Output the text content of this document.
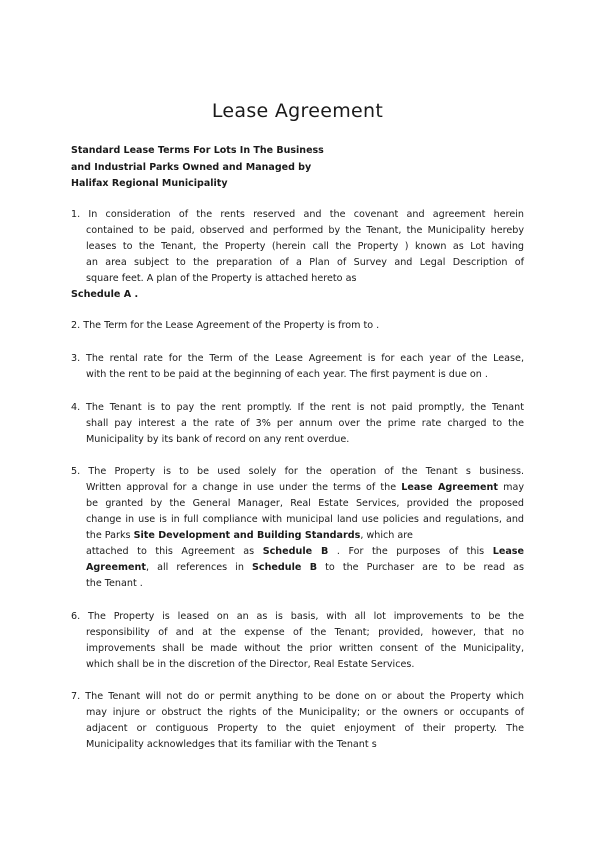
Lease Agreement
Standard Lease Terms For Lots In The Business
and Industrial Parks Owned and Managed by
Halifax Regional Municipality
1. In consideration of the rents reserved and the covenant and agreement herein
contained to be paid, observed and performed by the Tenant, the Municipality hereby
leases to the Tenant, the Property (herein call the Property ) known as Lot having
an area subject to the preparation of a Plan of Survey and Legal Description of
square feet. A plan of the Property is attached hereto as
Schedule A .
2. The Term for the Lease Agreement of the Property is from to .
3. The rental rate for the Term of the Lease Agreement is for each year of the Lease,
with the rent to be paid at the beginning of each year. The first payment is due on .
4. The Tenant is to pay the rent promptly. If the rent is not paid promptly, the Tenant
shall pay interest a the rate of 3% per annum over the prime rate charged to the
Municipality by its bank of record on any rent overdue.
5. The Property is to be used solely for the operation of the Tenant s business.
Written approval for a change in use under the terms of the Lease Agreement may
be granted by the General Manager, Real Estate Services, provided the proposed
change in use is in full compliance with municipal land use policies and regulations, and
the Parks Site Development and Building Standards, which are
attached to this Agreement as Schedule B . For the purposes of this Lease
Agreement, all references in Schedule B to the Purchaser are to be read as
the Tenant .
6. The Property is leased on an as is basis, with all lot improvements to be the
responsibility of and at the expense of the Tenant; provided, however, that no
improvements shall be made without the prior written consent of the Municipality,
which shall be in the discretion of the Director, Real Estate Services.
7. The Tenant will not do or permit anything to be done on or about the Property which
may injure or obstruct the rights of the Municipality; or the owners or occupants of
adjacent or contiguous Property to the quiet enjoyment of their property. The
Municipality acknowledges that its familiar with the Tenant s
